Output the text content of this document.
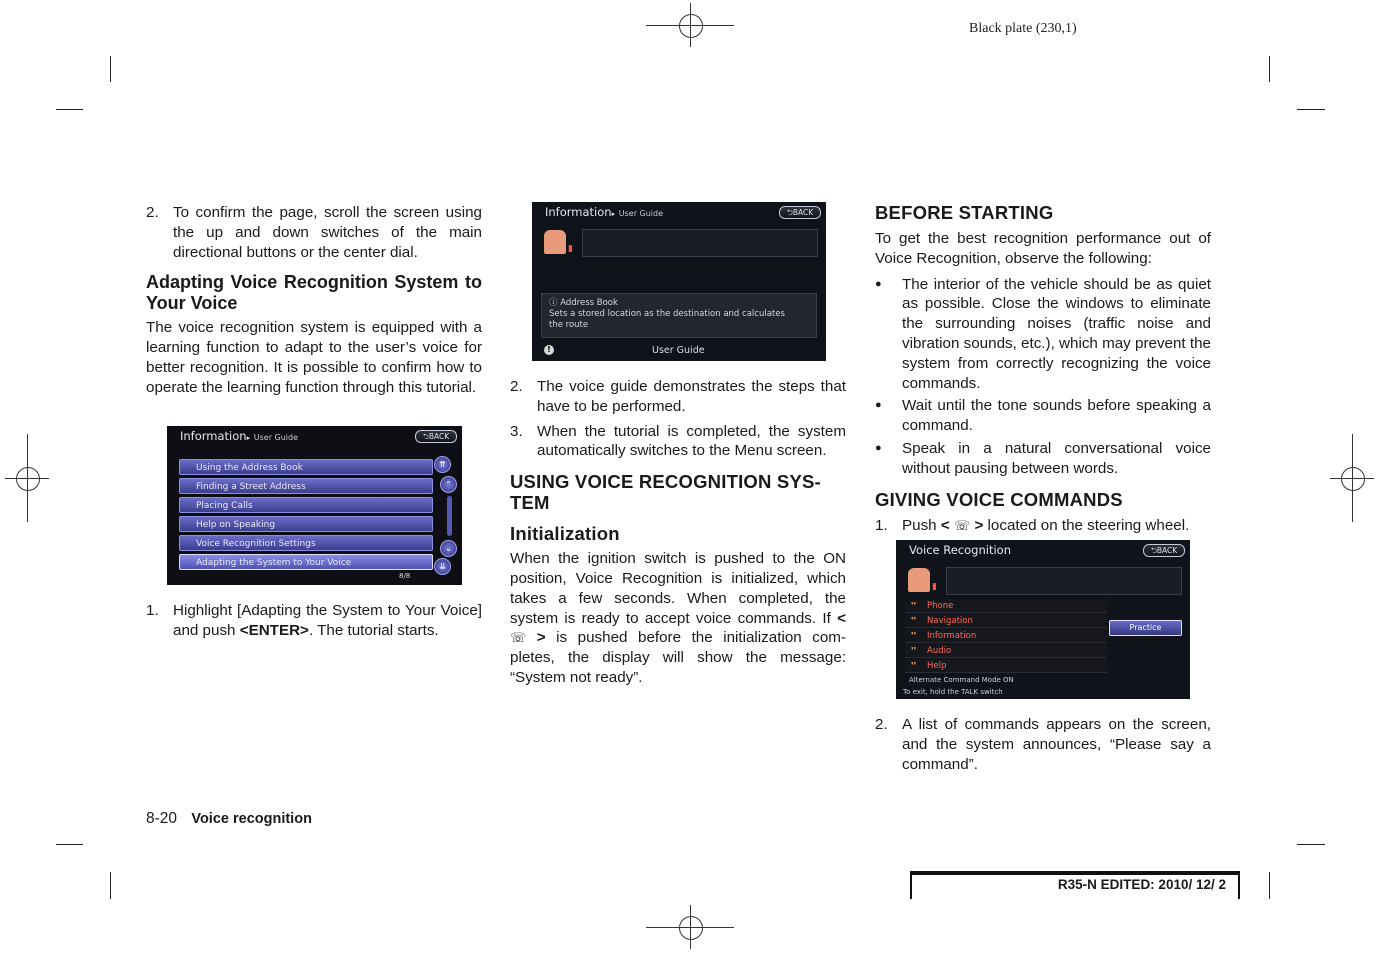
Black plate (230,1)
2. To confirm the page, scroll the screen using the up and down switches of the main directional buttons or the center dial.
Adapting Voice Recognition System to Your Voice

The voice recognition system is equipped with a learning function to adapt to the user’s voice for better recognition. It is possible to confirm how to operate the learning function through this tutorial.

Information▸ User Guide	⮌BACK
Using the Address Book
Finding a Street Address
Placing Calls
Help on Speaking
Voice Recognition Settings
Adapting the System to Your Voice
⇈
⌃
⌄
⇊
8/8
1. Highlight [Adapting the System to Your Voice] and push <ENTER>. The tutorial starts.
Information▸ User Guide	⮌BACK
▮
ⓘ Address Book
Sets a stored location as the destination and calculates the route
!	User Guide
2. The voice guide demonstrates the steps that have to be performed.
3. When the tutorial is completed, the system automatically switches to the Menu screen.
USING VOICE RECOGNITION SYS- TEM
Initialization

When the ignition switch is pushed to the ON position, Voice Recognition is initialized, which takes a few seconds. When completed, the system is ready to accept voice commands. If < ☏ > is pushed before the initialization com- pletes, the display will show the message: “System not ready”.

BEFORE STARTING

To get the best recognition performance out of Voice Recognition, observe the following:

●	The interior of the vehicle should be as quiet as possible. Close the windows to eliminate the surrounding noises (traffic noise and vibration sounds, etc.), which may prevent the system from correctly recognizing the voice commands.
●	Wait until the tone sounds before speaking a command.
●	Speak in a natural conversational voice without pausing between words.
GIVING VOICE COMMANDS
1. Push < ☏ > located on the steering wheel.
Voice Recognition	⮌BACK
▮
❜❜ Phone
❜❜ Navigation
❜❜ Information
❜❜ Audio
❜❜ Help
Practice
Alternate Command Mode ON
To exit, hold the TALK switch
2. A list of commands appears on the screen, and the system announces, “Please say a command”.
8-20 Voice recognition
R35-N EDITED: 2010/ 12/ 2
